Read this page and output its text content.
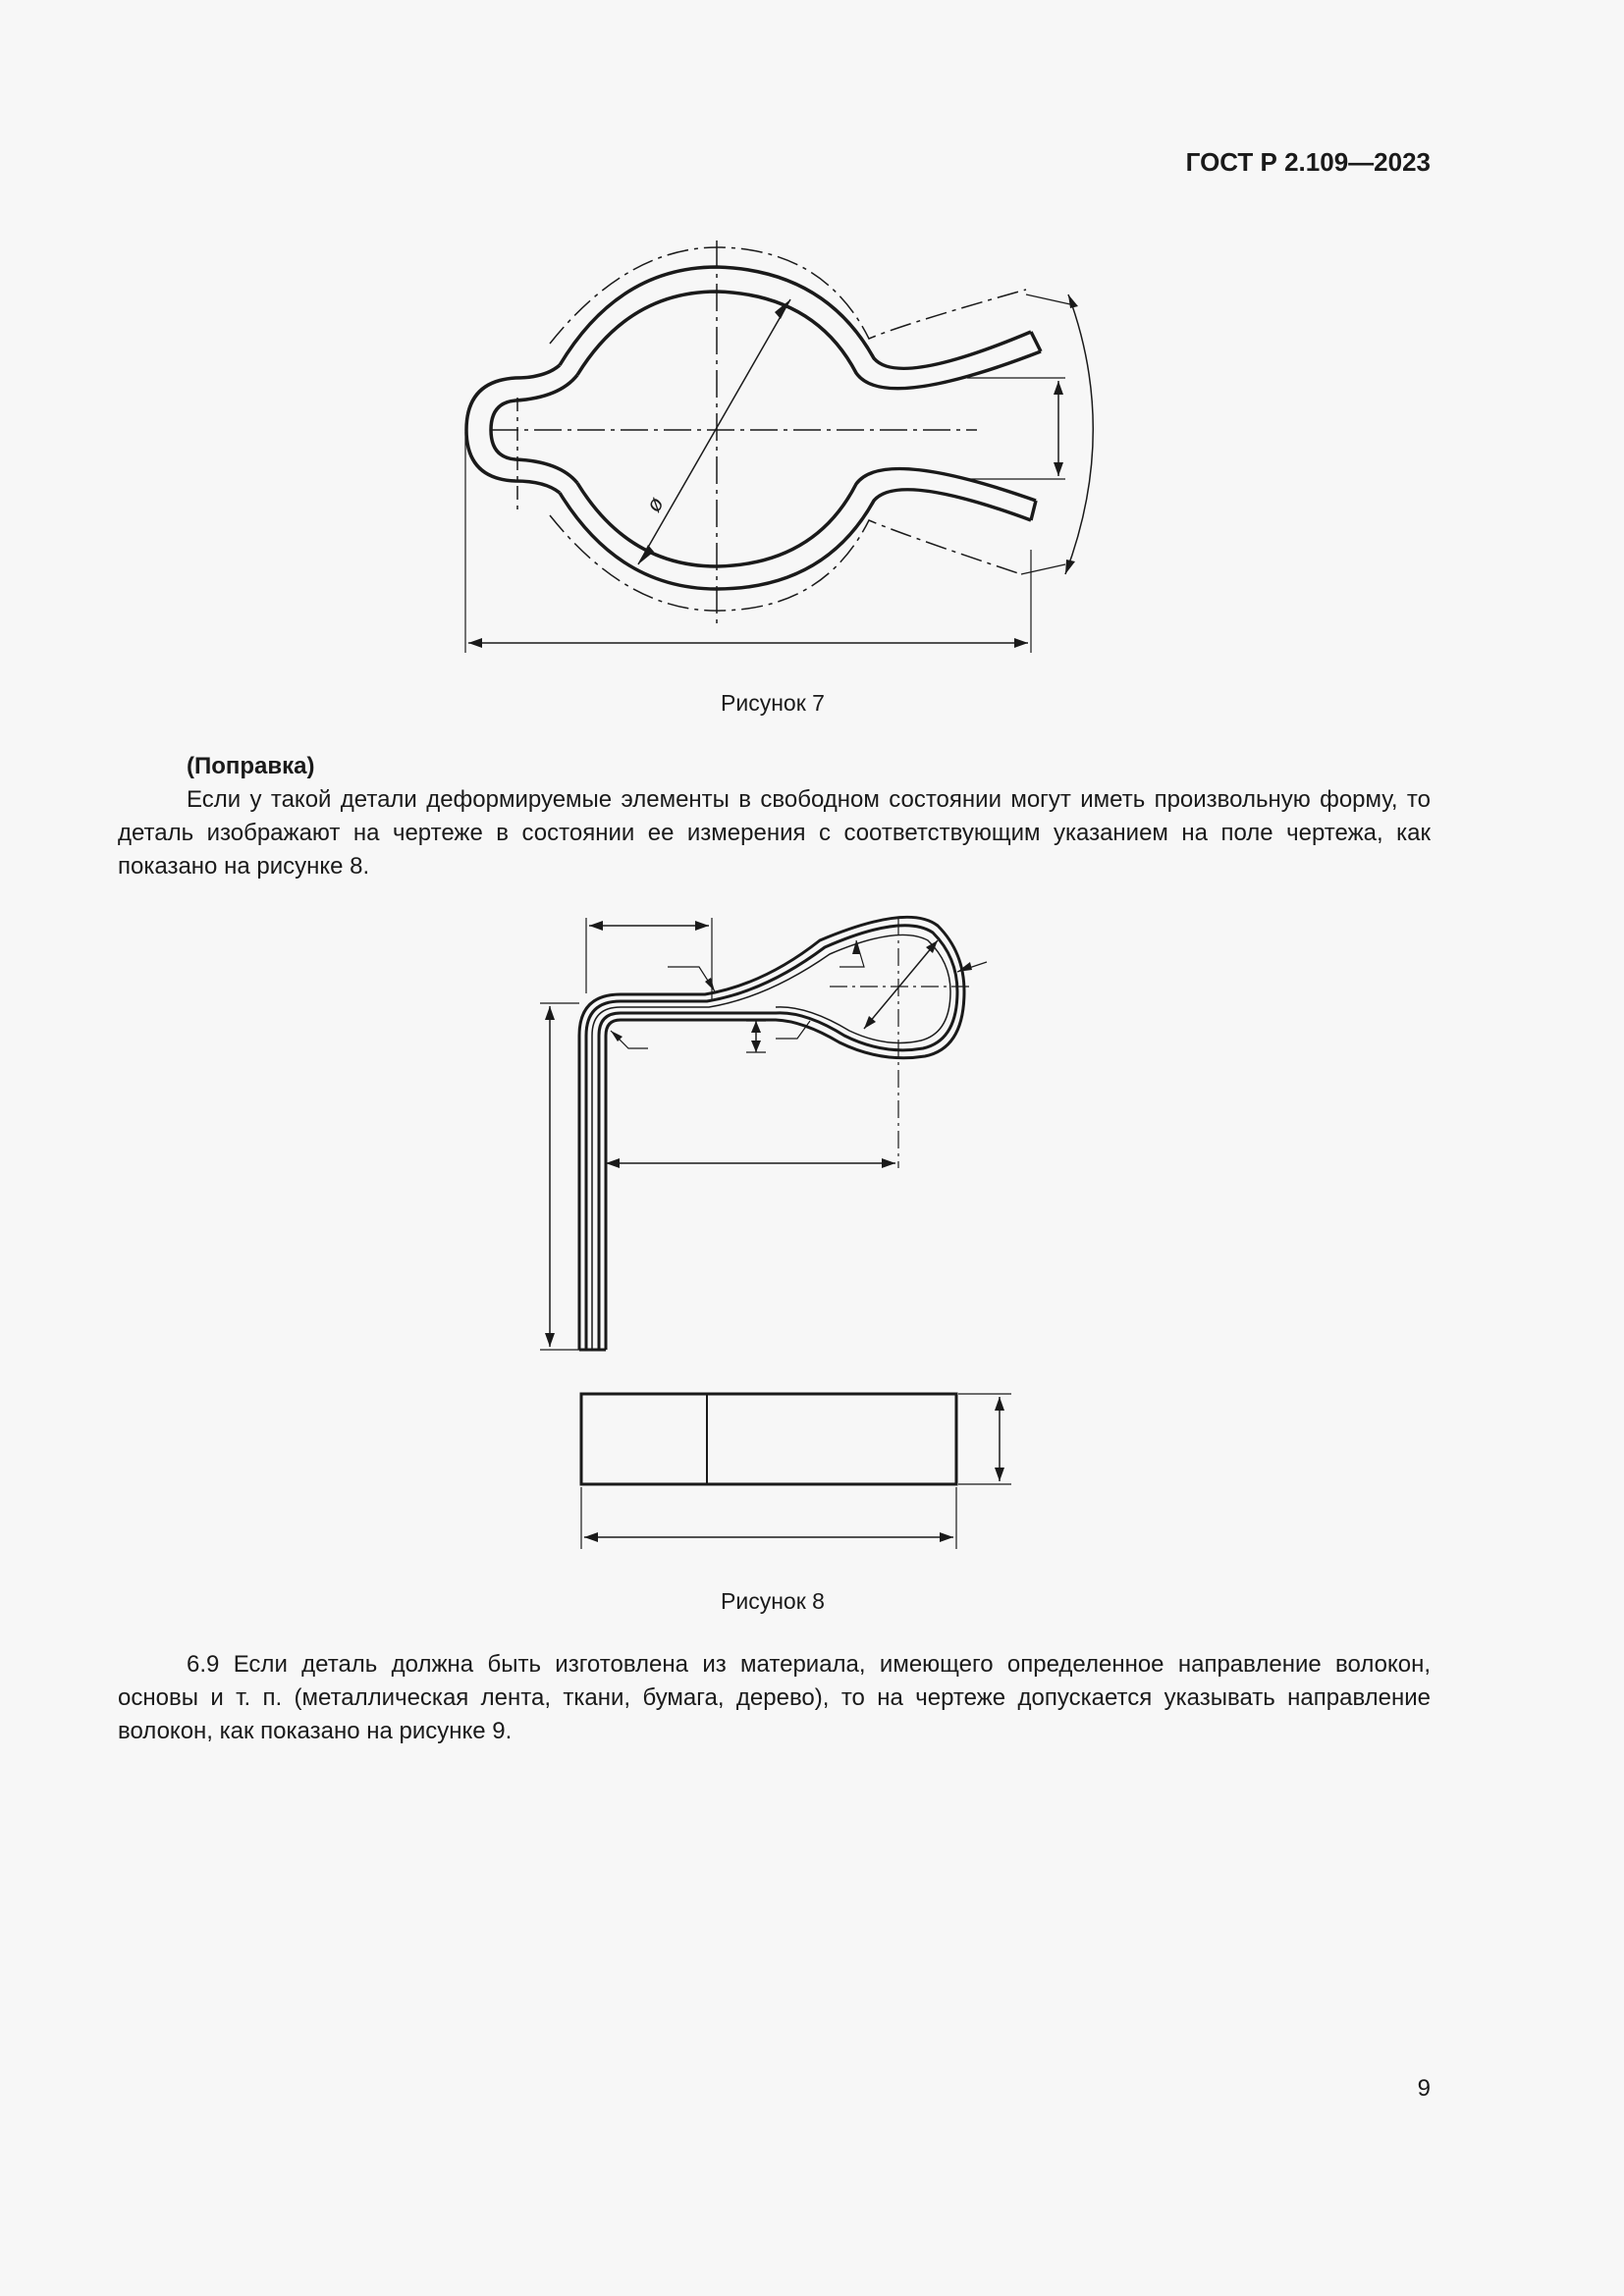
ГОСТ Р 2.109—2023
ø
Рисунок 7

(Поправка)

Если у такой детали деформируемые элементы в свободном состоянии могут иметь произвольную форму, то деталь изображают на чертеже в состоянии ее измерения с соответствующим указанием на поле чертежа, как показано на рисунке 8.

Рисунок 8

6.9 Если деталь должна быть изготовлена из материала, имеющего определенное направление волокон, основы и т. п. (металлическая лента, ткани, бумага, дерево), то на чертеже допускается указывать направление волокон, как показано на рисунке 9.

9
